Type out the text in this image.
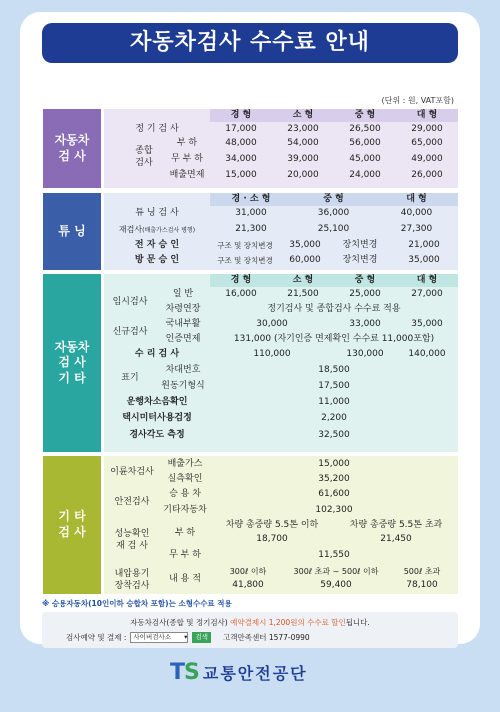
자동차검사 수수료 안내
(단위 : 원, VAT포함)
자동차
검 사
경 형	소 형	중 형	대 형
정 기 검 사	17,000	23,000	26,500	29,000
종합
검사
부 하	48,000	54,000	56,000	65,000
무 부 하	34,000	39,000	45,000	49,000
배출면제	15,000	20,000	24,000	26,000
튜 닝
경 · 소 형	중 형	대 형
튜 닝 검 사	31,000	36,000	40,000
재검사(배출가스검사 병행)	21,300	25,100	27,300
전 자 승 인	구조 및 장치변경	35,000	장치변경	21,000
방 문 승 인	구조 및 장치변경	60,000	장치변경	35,000
자동차
검 사
기 타
경 형	소 형	중 형	대 형
임시검사
일 반	16,000	21,500	25,000	27,000
차령연장	정기검사 및 종합검사 수수료 적용
신규검사
국내부활	30,000	33,000	35,000
인증면제	131,000 (자기인증 면제확인 수수료 11,000포함)
수 리 검 사	110,000	130,000	140,000
표기
차대번호	18,500
원동기형식	17,500
운행차소음확인	11,000
택시미터사용검정	2,200
경사각도 측정	32,500
기 타
검 사
이륜차검사
배출가스	15,000
실측확인	35,200
안전검사
승 용 차	61,600
기타자동차	102,300
성능확인
재 검 사
차량 총중량 5.5톤 이하	차량 총중량 5.5톤 초과
부 하
18,700	21,450
무 부 하	11,550
내압용기
장착검사
내 용 적
300ℓ 이하	300ℓ 초과 ~ 500ℓ 이하	500ℓ 초과
41,800	59,400	78,100
※ 승용자동차(10인이하 승합차 포함)는 소형수수료 적용
자동차검사(종합 및 정기검사) 예약결제시 1,200원의 수수료 할인됩니다.
검사예약 및 결제 : 사이버검사소 ▾	검색	고객만족센터 1577-0990
TS 교통안전공단
